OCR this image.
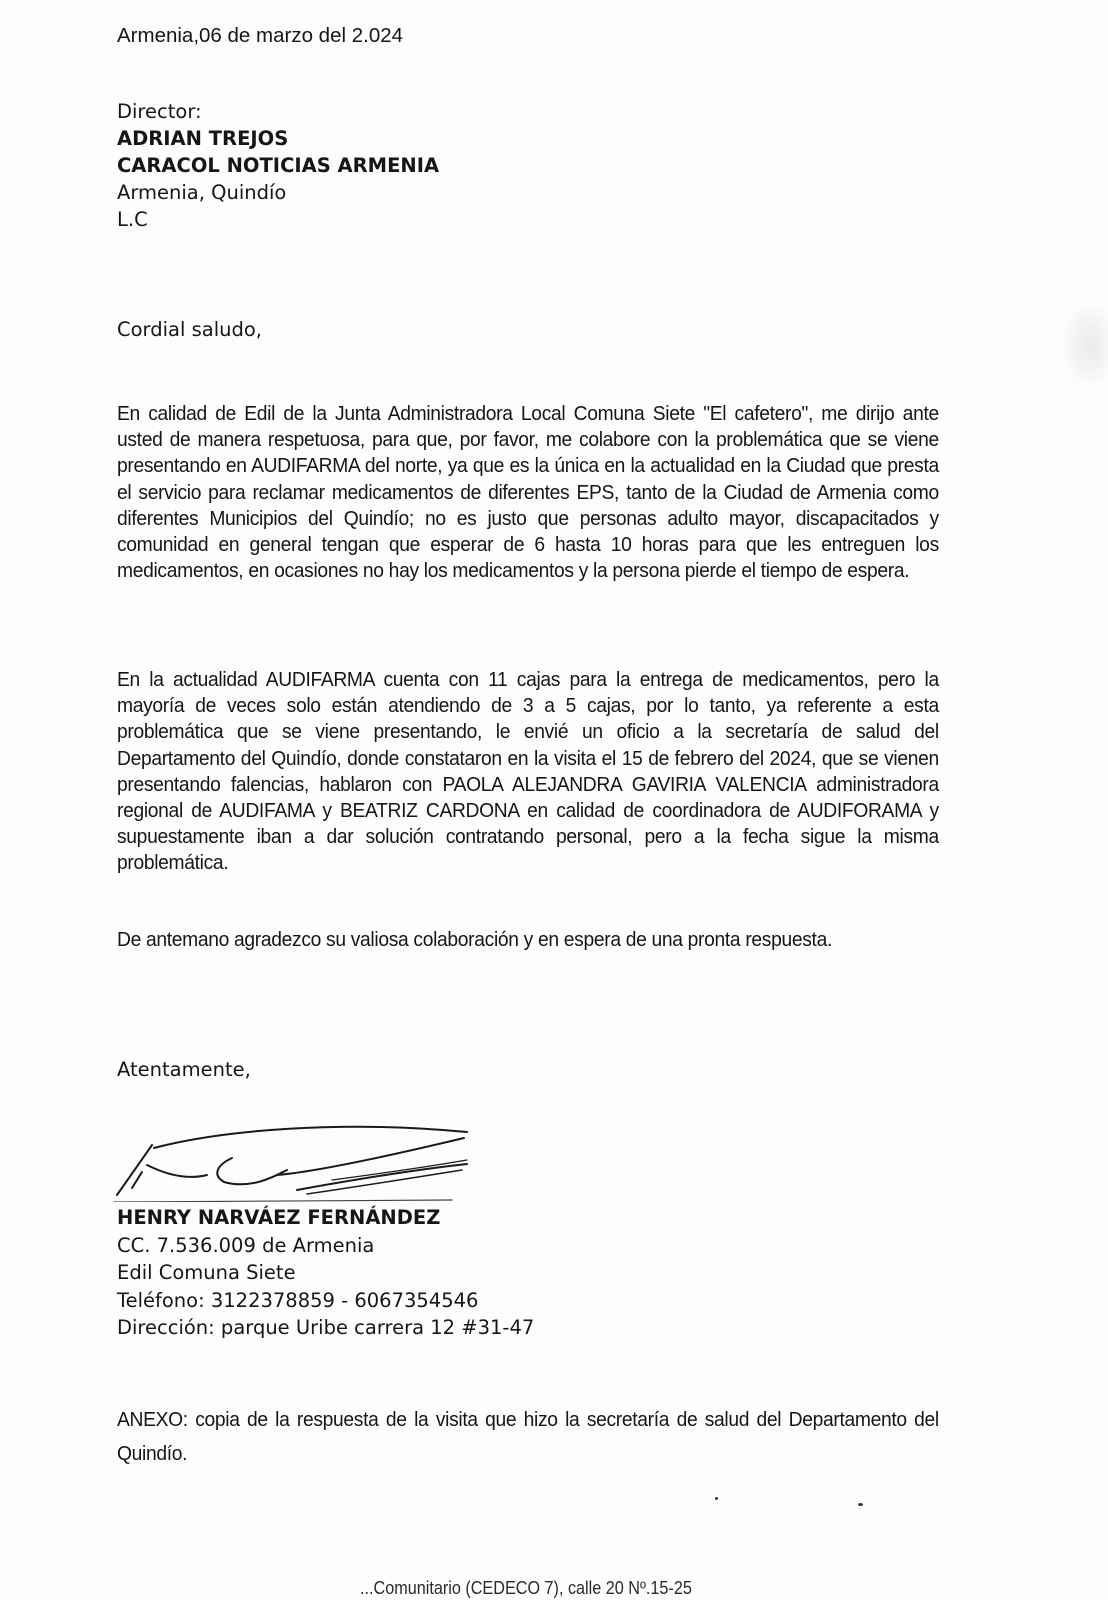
Armenia,06 de marzo del 2.024
Director:
ADRIAN TREJOS
CARACOL NOTICIAS ARMENIA
Armenia, Quindío
L.C
Cordial saludo,
En calidad de Edil de la Junta Administradora Local Comuna Siete "El cafetero", me dirijo ante usted de manera respetuosa, para que, por favor, me colabore con la problemática que se viene presentando en AUDIFARMA del norte, ya que es la única en la actualidad en la Ciudad que presta el servicio para reclamar medicamentos de diferentes EPS, tanto de la Ciudad de Armenia como diferentes Municipios del Quindío; no es justo que personas adulto mayor, discapacitados y comunidad en general tengan que esperar de 6 hasta 10 horas para que les entreguen los medicamentos, en ocasiones no hay los medicamentos y la persona pierde el tiempo de espera.
En la actualidad AUDIFARMA cuenta con 11 cajas para la entrega de medicamentos, pero la mayoría de veces solo están atendiendo de 3 a 5 cajas, por lo tanto, ya referente a esta problemática que se viene presentando, le envié un oficio a la secretaría de salud del Departamento del Quindío, donde constataron en la visita el 15 de febrero del 2024, que se vienen presentando falencias, hablaron con PAOLA ALEJANDRA GAVIRIA VALENCIA administradora regional de AUDIFAMA y BEATRIZ CARDONA en calidad de coordinadora de AUDIFORAMA y supuestamente iban a dar solución contratando personal, pero a la fecha sigue la misma problemática.
De antemano agradezco su valiosa colaboración y en espera de una pronta respuesta.
Atentamente,
HENRY NARVÁEZ FERNÁNDEZ
CC. 7.536.009 de Armenia
Edil Comuna Siete
Teléfono: 3122378859 - 6067354546
Dirección: parque Uribe carrera 12 #31-47
ANEXO: copia de la respuesta de la visita que hizo la secretaría de salud del Departamento del Quindío.
...Comunitario (CEDECO 7), calle 20 Nº.15-25
